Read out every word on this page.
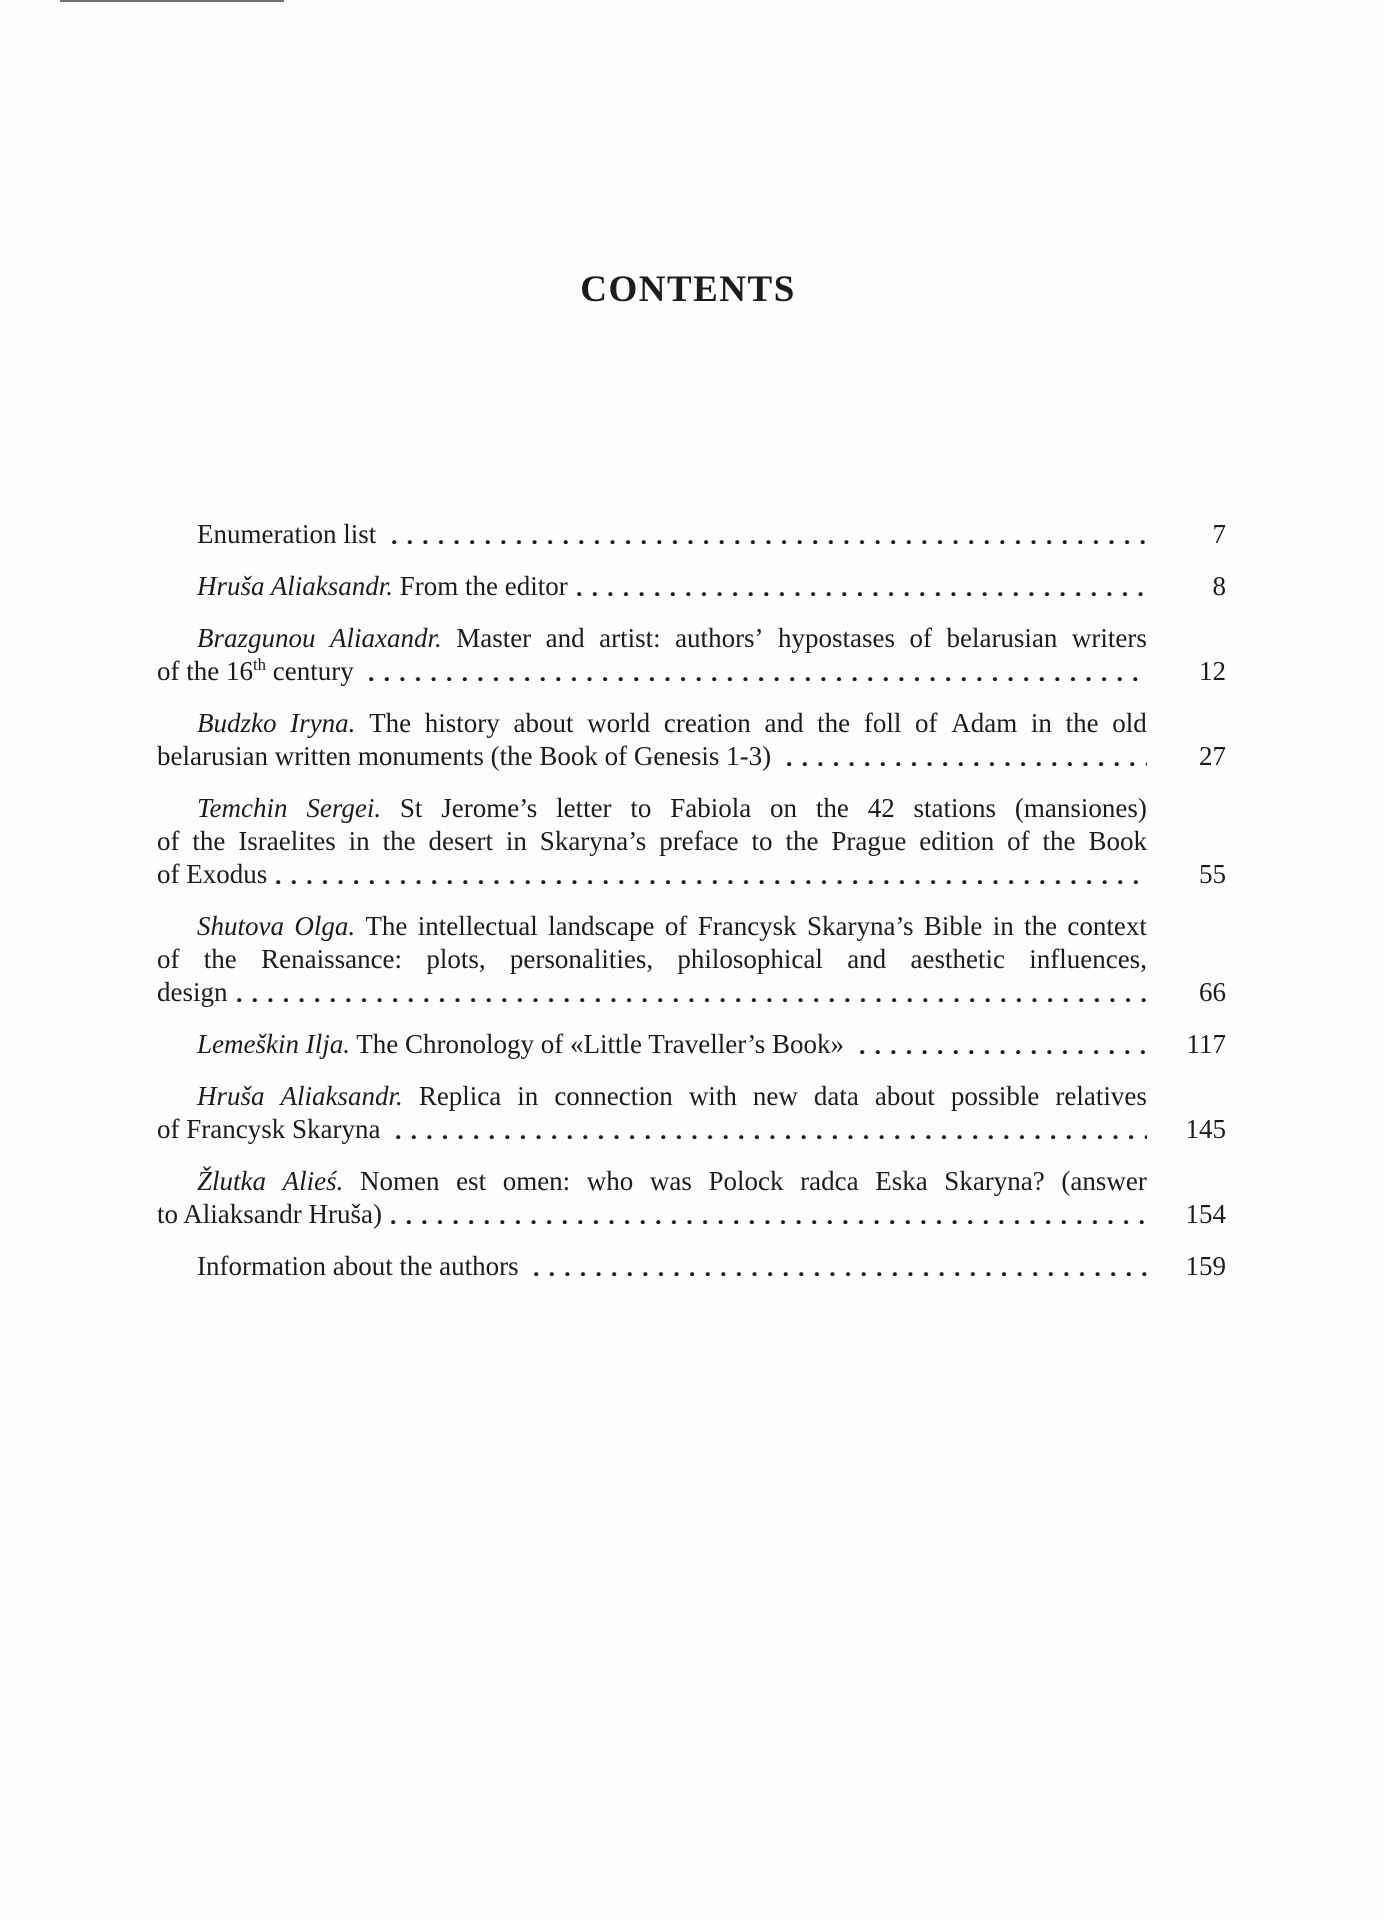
CONTENTS
Enumeration list	7
Hruša Aliaksandr. From the editor	8
Brazgunou Aliaxandr. Master and artist: authors’ hypostases of belarusian writers
of the 16th century	12
Budzko Iryna. The history about world creation and the foll of Adam in the old
belarusian written monuments (the Book of Genesis 1-3)	27
Temchin Sergei. St Jerome’s letter to Fabiola on the 42 stations (mansiones)
of the Israelites in the desert in Skaryna’s preface to the Prague edition of the Book
of Exodus	55
Shutova Olga. The intellectual landscape of Francysk Skaryna’s Bible in the context
of the Renaissance: plots, personalities, philosophical and aesthetic influences,
design	66
Lemeškin Ilja. The Chronology of «Little Traveller’s Book»	117
Hruša Aliaksandr. Replica in connection with new data about possible relatives
of Francysk Skaryna	145
Žlutka Alieś. Nomen est omen: who was Polock radca Eska Skaryna? (answer
to Aliaksandr Hruša)	154
Information about the authors	159
